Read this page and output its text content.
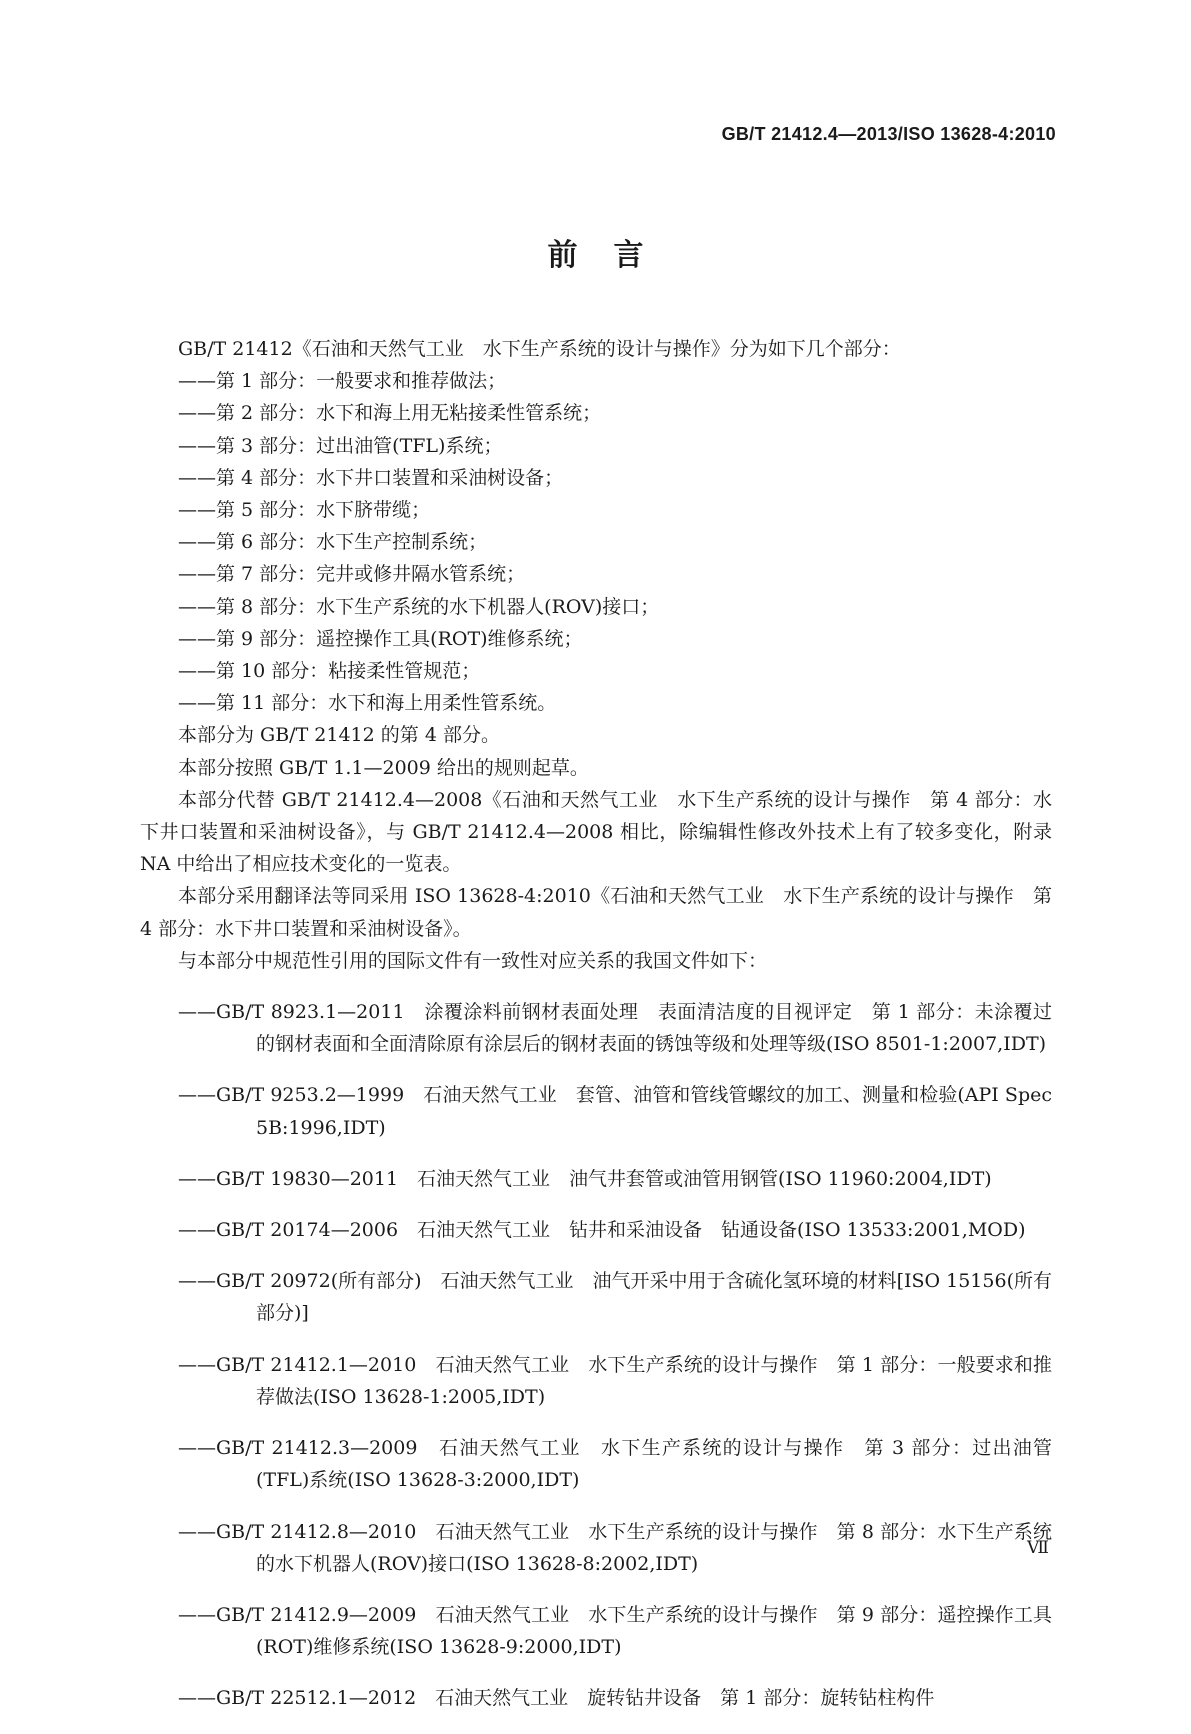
GB/T 21412.4—2013/ISO 13628-4:2010
前言

GB/T 21412《石油和天然气工业　水下生产系统的设计与操作》分为如下几个部分：

——第 1 部分：一般要求和推荐做法；

——第 2 部分：水下和海上用无粘接柔性管系统；

——第 3 部分：过出油管(TFL)系统；

——第 4 部分：水下井口装置和采油树设备；

——第 5 部分：水下脐带缆；

——第 6 部分：水下生产控制系统；

——第 7 部分：完井或修井隔水管系统；

——第 8 部分：水下生产系统的水下机器人(ROV)接口；

——第 9 部分：遥控操作工具(ROT)维修系统；

——第 10 部分：粘接柔性管规范；

——第 11 部分：水下和海上用柔性管系统。

本部分为 GB/T 21412 的第 4 部分。

本部分按照 GB/T 1.1—2009 给出的规则起草。

本部分代替 GB/T 21412.4—2008《石油和天然气工业　水下生产系统的设计与操作　第 4 部分：水下井口装置和采油树设备》，与 GB/T 21412.4—2008 相比，除编辑性修改外技术上有了较多变化，附录 NA 中给出了相应技术变化的一览表。

本部分采用翻译法等同采用 ISO 13628-4:2010《石油和天然气工业　水下生产系统的设计与操作　第 4 部分：水下井口装置和采油树设备》。

与本部分中规范性引用的国际文件有一致性对应关系的我国文件如下：

——GB/T 8923.1—2011　涂覆涂料前钢材表面处理　表面清洁度的目视评定　第 1 部分：未涂覆过的钢材表面和全面清除原有涂层后的钢材表面的锈蚀等级和处理等级(ISO 8501-1:2007,IDT)

——GB/T 9253.2—1999　石油天然气工业　套管、油管和管线管螺纹的加工、测量和检验(API Spec 5B:1996,IDT)

——GB/T 19830—2011　石油天然气工业　油气井套管或油管用钢管(ISO 11960:2004,IDT)

——GB/T 20174—2006　石油天然气工业　钻井和采油设备　钻通设备(ISO 13533:2001,MOD)

——GB/T 20972(所有部分)　石油天然气工业　油气开采中用于含硫化氢环境的材料[ISO 15156(所有部分)]

——GB/T 21412.1—2010　石油天然气工业　水下生产系统的设计与操作　第 1 部分：一般要求和推荐做法(ISO 13628-1:2005,IDT)

——GB/T 21412.3—2009　石油天然气工业　水下生产系统的设计与操作　第 3 部分：过出油管(TFL)系统(ISO 13628-3:2000,IDT)

——GB/T 21412.8—2010　石油天然气工业　水下生产系统的设计与操作　第 8 部分：水下生产系统的水下机器人(ROV)接口(ISO 13628-8:2002,IDT)

——GB/T 21412.9—2009　石油天然气工业　水下生产系统的设计与操作　第 9 部分：遥控操作工具(ROT)维修系统(ISO 13628-9:2000,IDT)

——GB/T 22512.1—2012　石油天然气工业　旋转钻井设备　第 1 部分：旋转钻柱构件

Ⅶ
